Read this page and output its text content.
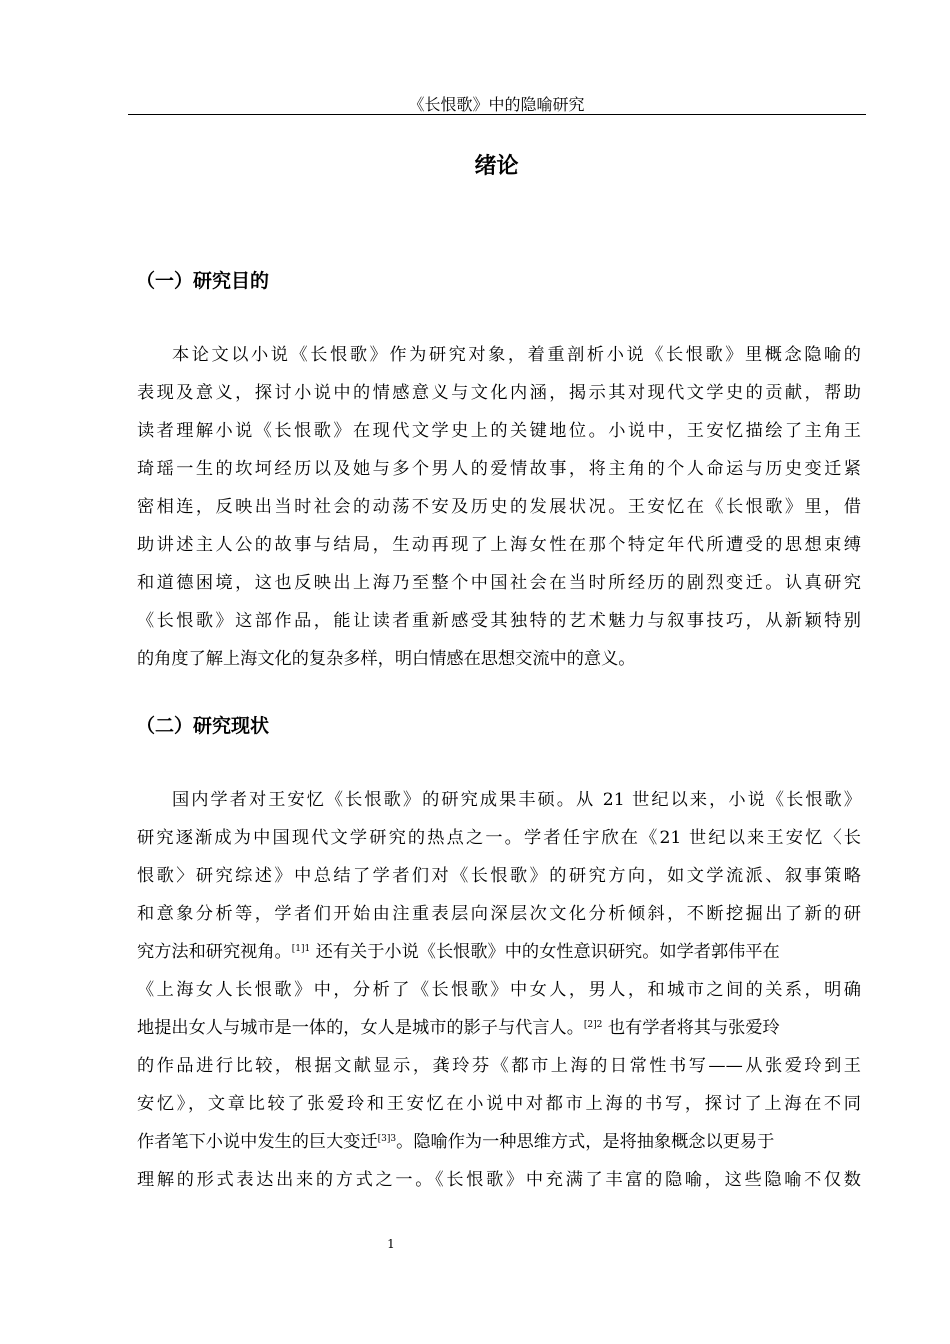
《长恨歌》中的隐喻研究
绪论
（一）研究目的
本论文以小说《长恨歌》作为研究对象，着重剖析小说《长恨歌》里概念隐喻的
表现及意义，探讨小说中的情感意义与文化内涵，揭示其对现代文学史的贡献，帮助
读者理解小说《长恨歌》在现代文学史上的关键地位。小说中，王安忆描绘了主角王
琦瑶一生的坎坷经历以及她与多个男人的爱情故事，将主角的个人命运与历史变迁紧
密相连，反映出当时社会的动荡不安及历史的发展状况。王安忆在《长恨歌》里，借
助讲述主人公的故事与结局，生动再现了上海女性在那个特定年代所遭受的思想束缚
和道德困境，这也反映出上海乃至整个中国社会在当时所经历的剧烈变迁。认真研究
《长恨歌》这部作品，能让读者重新感受其独特的艺术魅力与叙事技巧，从新颖特别
的角度了解上海文化的复杂多样，明白情感在思想交流中的意义。
（二）研究现状
国内学者对王安忆《长恨歌》的研究成果丰硕。从 21 世纪以来，小说《长恨歌》
研究逐渐成为中国现代文学研究的热点之一。学者任宇欣在《21 世纪以来王安忆〈长
恨歌〉研究综述》中总结了学者们对《长恨歌》的研究方向，如文学流派、叙事策略
和意象分析等，学者们开始由注重表层向深层次文化分析倾斜，不断挖掘出了新的研
究方法和研究视角。$^{[1]1}$ 还有关于小说《长恨歌》中的女性意识研究。如学者郭伟平在
《上海女人长恨歌》中，分析了《长恨歌》中女人，男人，和城市之间的关系，明确
地提出女人与城市是一体的，女人是城市的影子与代言人。$^{[2]2}$ 也有学者将其与张爱玲
的作品进行比较，根据文献显示，龚玲芬《都市上海的日常性书写——从张爱玲到王
安忆》，文章比较了张爱玲和王安忆在小说中对都市上海的书写，探讨了上海在不同
作者笔下小说中发生的巨大变迁$^{[3]3}$。隐喻作为一种思维方式，是将抽象概念以更易于
理解的形式表达出来的方式之一。《长恨歌》中充满了丰富的隐喻，这些隐喻不仅数
1
